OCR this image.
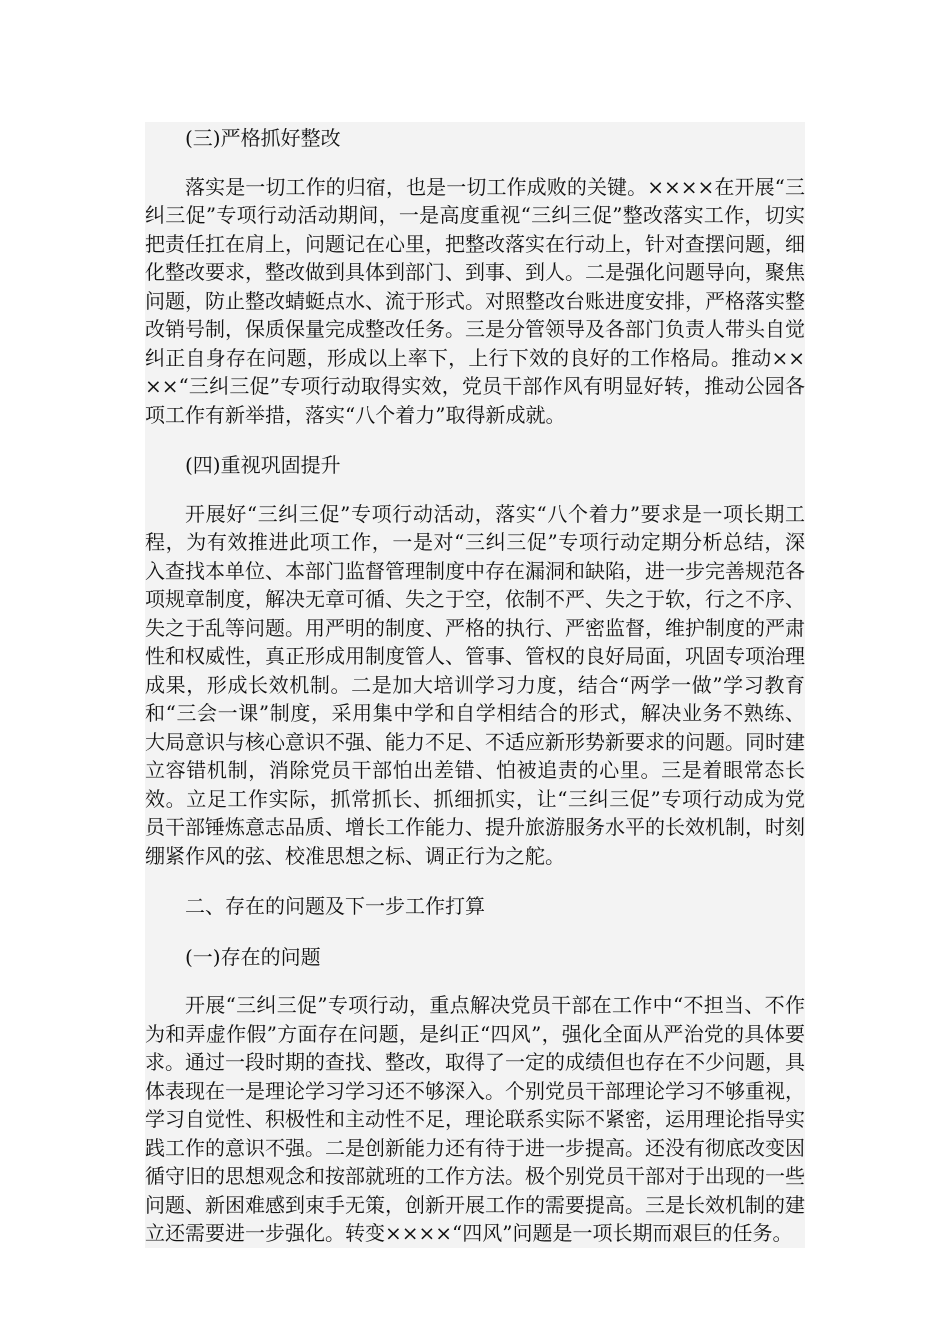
(三)严格抓好整改

落实是一切工作的归宿，也是一切工作成败的关键。××××在开展“三纠三促”专项行动活动期间，一是高度重视“三纠三促”整改落实工作，切实把责任扛在肩上，问题记在心里，把整改落实在行动上，针对查摆问题，细化整改要求，整改做到具体到部门、到事、到人。二是强化问题导向，聚焦问题，防止整改蜻蜓点水、流于形式。对照整改台账进度安排，严格落实整改销号制，保质保量完成整改任务。三是分管领导及各部门负责人带头自觉纠正自身存在问题，形成以上率下，上行下效的良好的工作格局。推动××××“三纠三促”专项行动取得实效，党员干部作风有明显好转，推动公园各项工作有新举措，落实“八个着力”取得新成就。

(四)重视巩固提升

开展好“三纠三促”专项行动活动，落实“八个着力”要求是一项长期工程，为有效推进此项工作，一是对“三纠三促”专项行动定期分析总结，深入查找本单位、本部门监督管理制度中存在漏洞和缺陷，进一步完善规范各项规章制度，解决无章可循、失之于空，依制不严、失之于软，行之不序、失之于乱等问题。用严明的制度、严格的执行、严密监督，维护制度的严肃性和权威性，真正形成用制度管人、管事、管权的良好局面，巩固专项治理成果，形成长效机制。二是加大培训学习力度，结合“两学一做”学习教育和“三会一课”制度，采用集中学和自学相结合的形式，解决业务不熟练、大局意识与核心意识不强、能力不足、不适应新形势新要求的问题。同时建立容错机制，消除党员干部怕出差错、怕被追责的心里。三是着眼常态长效。立足工作实际，抓常抓长、抓细抓实，让“三纠三促”专项行动成为党员干部锤炼意志品质、增长工作能力、提升旅游服务水平的长效机制，时刻绷紧作风的弦、校准思想之标、调正行为之舵。

二、存在的问题及下一步工作打算

(一)存在的问题

开展“三纠三促”专项行动，重点解决党员干部在工作中“不担当、不作为和弄虚作假”方面存在问题，是纠正“四风”，强化全面从严治党的具体要求。通过一段时期的查找、整改，取得了一定的成绩但也存在不少问题，具体表现在一是理论学习学习还不够深入。个别党员干部理论学习不够重视，学习自觉性、积极性和主动性不足，理论联系实际不紧密，运用理论指导实践工作的意识不强。二是创新能力还有待于进一步提高。还没有彻底改变因循守旧的思想观念和按部就班的工作方法。极个别党员干部对于出现的一些问题、新困难感到束手无策，创新开展工作的需要提高。三是长效机制的建立还需要进一步强化。转变××××“四风”问题是一项长期而艰巨的任务。
